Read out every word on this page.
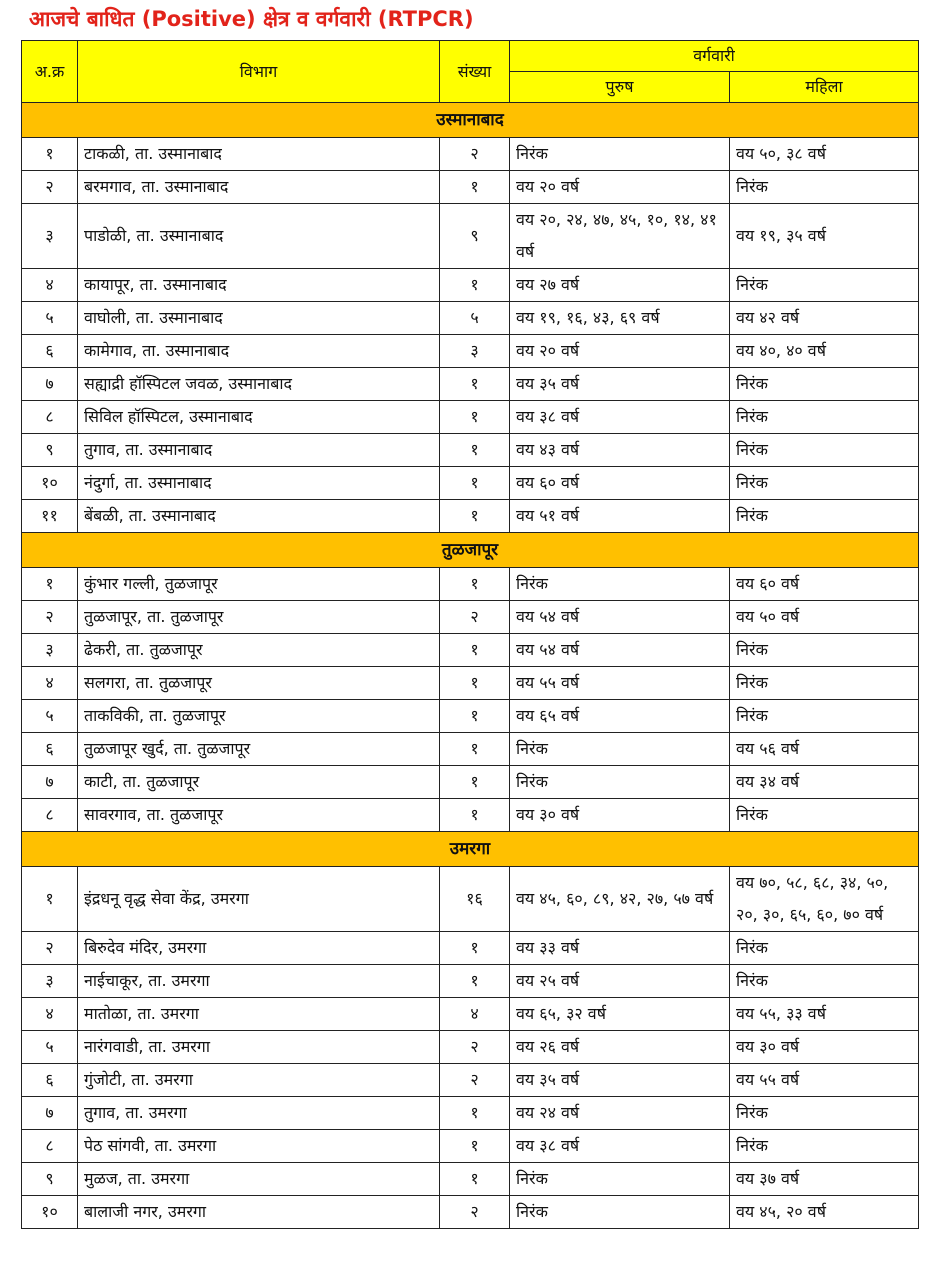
आजचे बाधित (Positive) क्षेत्र व वर्गवारी (RTPCR)
अ.क्र	विभाग	संख्या	वर्गवारी	
			पुरुष	महिला
उस्मानाबाद				
१	टाकळी, ता. उस्मानाबाद	२	निरंक	वय ५०, ३८ वर्ष
२	बरमगाव, ता. उस्मानाबाद	१	वय २० वर्ष	निरंक
३	पाडोळी, ता. उस्मानाबाद	९	वय २०, २४, ४७, ४५, १०, १४, ४१ वर्ष	वय १९, ३५ वर्ष
४	कायापूर, ता. उस्मानाबाद	१	वय २७ वर्ष	निरंक
५	वाघोली, ता. उस्मानाबाद	५	वय १९, १६, ४३, ६९ वर्ष	वय ४२ वर्ष
६	कामेगाव, ता. उस्मानाबाद	३	वय २० वर्ष	वय ४०, ४० वर्ष
७	सह्याद्री हॉस्पिटल जवळ, उस्मानाबाद	१	वय ३५ वर्ष	निरंक
८	सिविल हॉस्पिटल, उस्मानाबाद	१	वय ३८ वर्ष	निरंक
९	तुगाव, ता. उस्मानाबाद	१	वय ४३ वर्ष	निरंक
१०	नंदुर्गा, ता. उस्मानाबाद	१	वय ६० वर्ष	निरंक
११	बेंबळी, ता. उस्मानाबाद	१	वय ५१ वर्ष	निरंक
तुळजापूर				
१	कुंभार गल्ली, तुळजापूर	१	निरंक	वय ६० वर्ष
२	तुळजापूर, ता. तुळजापूर	२	वय ५४ वर्ष	वय ५० वर्ष
३	ढेकरी, ता. तुळजापूर	१	वय ५४ वर्ष	निरंक
४	सलगरा, ता. तुळजापूर	१	वय ५५ वर्ष	निरंक
५	ताकविकी, ता. तुळजापूर	१	वय ६५ वर्ष	निरंक
६	तुळजापूर खुर्द, ता. तुळजापूर	१	निरंक	वय ५६ वर्ष
७	काटी, ता. तुळजापूर	१	निरंक	वय ३४ वर्ष
८	सावरगाव, ता. तुळजापूर	१	वय ३० वर्ष	निरंक
उमरगा				
१	इंद्रधनू वृद्ध सेवा केंद्र, उमरगा	१६	वय ४५, ६०, ८९, ४२, २७, ५७ वर्ष	वय ७०, ५८, ६८, ३४, ५०, २०, ३०, ६५, ६०, ७० वर्ष
२	बिरुदेव मंदिर, उमरगा	१	वय ३३ वर्ष	निरंक
३	नाईचाकूर, ता. उमरगा	१	वय २५ वर्ष	निरंक
४	मातोळा, ता. उमरगा	४	वय ६५, ३२ वर्ष	वय ५५, ३३ वर्ष
५	नारंगवाडी, ता. उमरगा	२	वय २६ वर्ष	वय ३० वर्ष
६	गुंजोटी, ता. उमरगा	२	वय ३५ वर्ष	वय ५५ वर्ष
७	तुगाव, ता. उमरगा	१	वय २४ वर्ष	निरंक
८	पेठ सांगवी, ता. उमरगा	१	वय ३८ वर्ष	निरंक
९	मुळज, ता. उमरगा	१	निरंक	वय ३७ वर्ष
१०	बालाजी नगर, उमरगा	२	निरंक	वय ४५, २० वर्ष
